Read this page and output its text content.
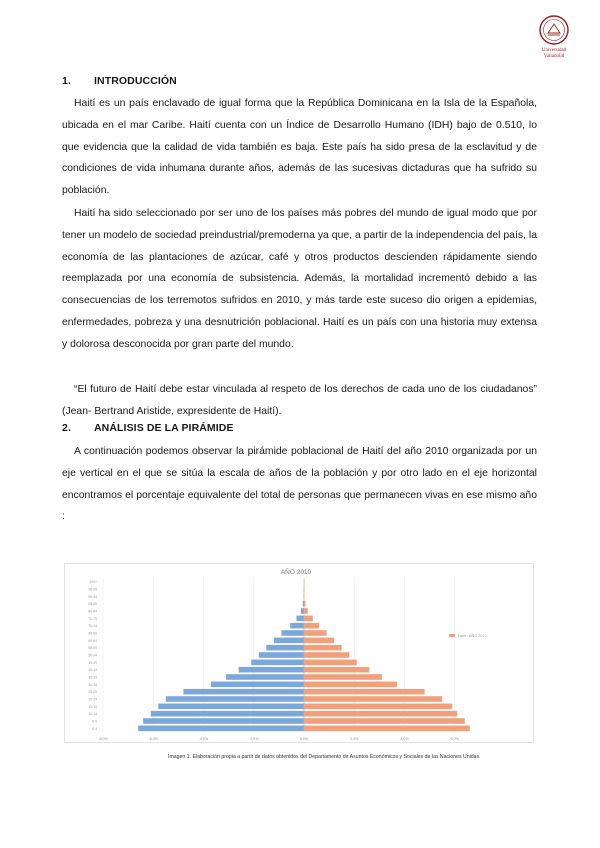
Universidad
Valladolid
1. INTRODUCCIÓN
Haití es un país enclavado de igual forma que la República Dominicana en la Isla de la Española, ubicada en el mar Caribe. Haití cuenta con un Índice de Desarrollo Humano (IDH) bajo de 0.510, lo que evidencia que la calidad de vida también es baja. Este país ha sido presa de la esclavitud y de condiciones de vida inhumana durante años, además de las sucesivas dictaduras que ha sufrido su población.
Haití ha sido seleccionado por ser uno de los países más pobres del mundo de igual modo que por tener un modelo de sociedad preindustrial/premoderna ya que, a partir de la independencia del país, la economía de las plantaciones de azúcar, café y otros productos descienden rápidamente siendo reemplazada por una economía de subsistencia. Además, la mortalidad incrementó debido a las consecuencias de los terremotos sufridos en 2010, y más tarde este suceso dio origen a epidemias, enfermedades, pobreza y una desnutrición poblacional. Haití es un país con una historia muy extensa y dolorosa desconocida por gran parte del mundo.
“El futuro de Haití debe estar vinculada al respeto de los derechos de cada uno de los ciudadanos” (Jean- Bertrand Aristide, expresidente de Haití).
2. ANÁLISIS DE LA PIRÁMIDE
A continuación podemos observar la pirámide poblacional de Haití del año 2010 organizada por un eje vertical en el que se sitúa la escala de años de la población y por otro lado en el eje horizontal encontramos el porcentaje equivalente del total de personas que permanecen vivas en ese mismo año :
AÑO 2010
-8,0%	-6,0%	-4,0%	-2,0%	0,0%	2,0%	4,0%	6,0%
0-4
5-9
10-14
15-19
20-24
25-29
30-34
35-39
40-44
45-49
50-54
55-59
60-64
65-69
70-74
75-79
80-84
85-89
90-94
95-99
100+
Haití · AÑO 2010
Imagen 1. Elaboración propia a partir de datos obtenidos del Departamento de Asuntos Económicos y Sociales de las Naciones Unidas.
